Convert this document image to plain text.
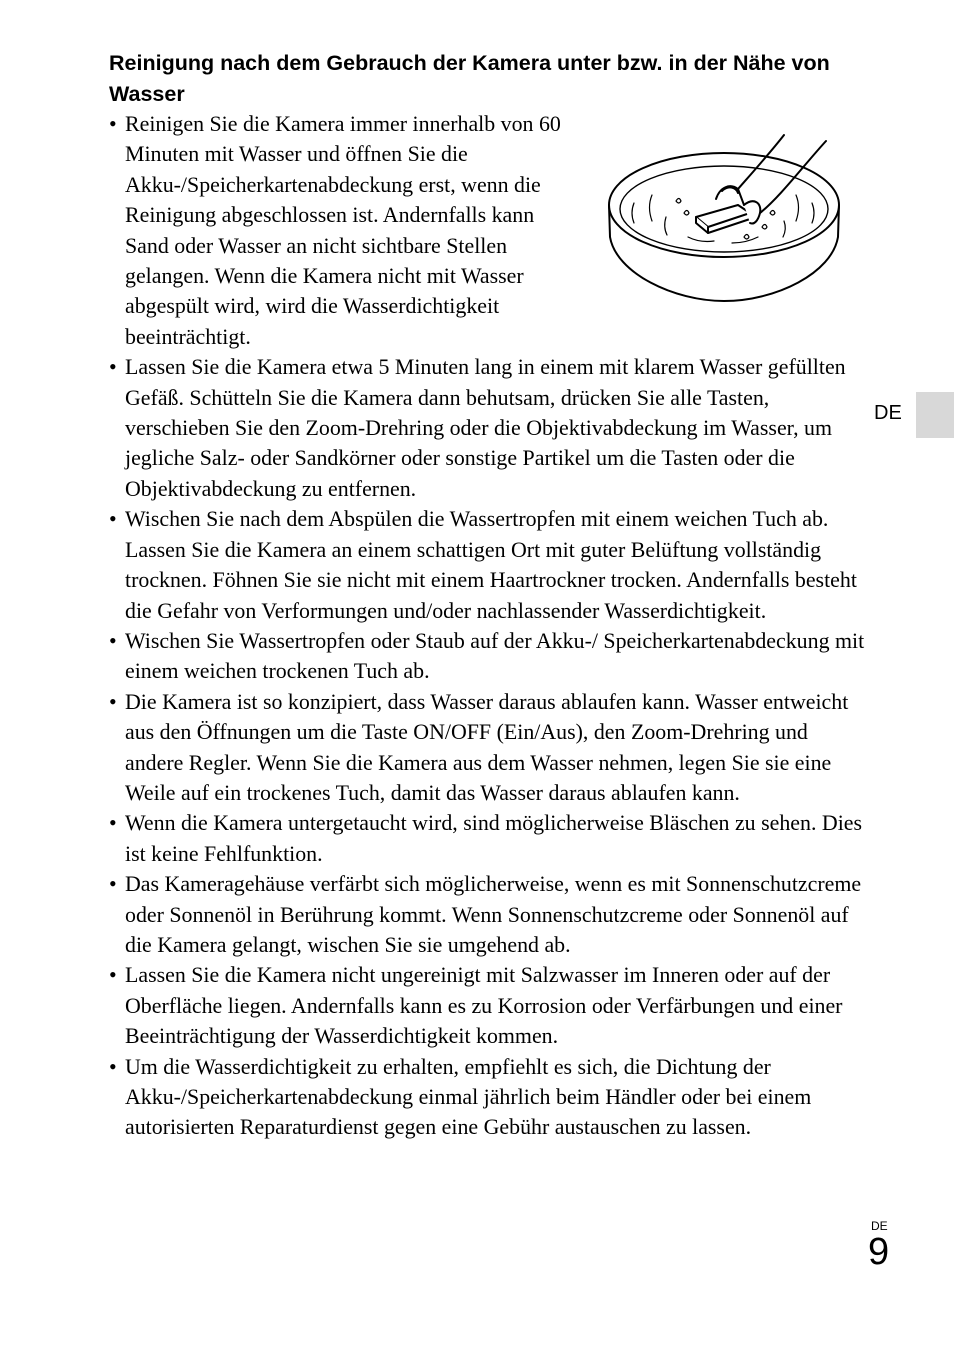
Reinigung nach dem Gebrauch der Kamera unter bzw. in der Nähe von Wasser
• Reinigen Sie die Kamera immer innerhalb von 60 Minuten mit Wasser und öffnen Sie die Akku-/Speicherkartenabdeckung erst, wenn die Reinigung abgeschlossen ist. Andernfalls kann Sand oder Wasser an nicht sichtbare Stellen gelangen. Wenn die Kamera nicht mit Wasser abgespült wird, wird die Wasserdichtigkeit beeinträchtigt.
• Lassen Sie die Kamera etwa 5 Minuten lang in einem mit klarem Wasser gefüllten Gefäß. Schütteln Sie die Kamera dann behutsam, drücken Sie alle Tasten, verschieben Sie den Zoom-Drehring oder die Objektivabdeckung im Wasser, um jegliche Salz- oder Sandkörner oder sonstige Partikel um die Tasten oder die Objektivabdeckung zu entfernen.
• Wischen Sie nach dem Abspülen die Wassertropfen mit einem weichen Tuch ab. Lassen Sie die Kamera an einem schattigen Ort mit guter Belüftung vollständig trocknen. Föhnen Sie sie nicht mit einem Haartrockner trocken. Andernfalls besteht die Gefahr von Verformungen und/oder nachlassender Wasserdichtigkeit.
• Wischen Sie Wassertropfen oder Staub auf der Akku-/ Speicherkartenabdeckung mit einem weichen trockenen Tuch ab.
• Die Kamera ist so konzipiert, dass Wasser daraus ablaufen kann. Wasser entweicht aus den Öffnungen um die Taste ON/OFF (Ein/Aus), den Zoom-Drehring und andere Regler. Wenn Sie die Kamera aus dem Wasser nehmen, legen Sie sie eine Weile auf ein trockenes Tuch, damit das Wasser daraus ablaufen kann.
• Wenn die Kamera untergetaucht wird, sind möglicherweise Bläschen zu sehen. Dies ist keine Fehlfunktion.
• Das Kameragehäuse verfärbt sich möglicherweise, wenn es mit Sonnenschutzcreme oder Sonnenöl in Berührung kommt. Wenn Sonnenschutzcreme oder Sonnenöl auf die Kamera gelangt, wischen Sie sie umgehend ab.
• Lassen Sie die Kamera nicht ungereinigt mit Salzwasser im Inneren oder auf der Oberfläche liegen. Andernfalls kann es zu Korrosion oder Verfärbungen und einer Beeinträchtigung der Wasserdichtigkeit kommen.
• Um die Wasserdichtigkeit zu erhalten, empfiehlt es sich, die Dichtung der Akku-/Speicherkartenabdeckung einmal jährlich beim Händler oder bei einem autorisierten Reparaturdienst gegen eine Gebühr austauschen zu lassen.
DE
DE
9
